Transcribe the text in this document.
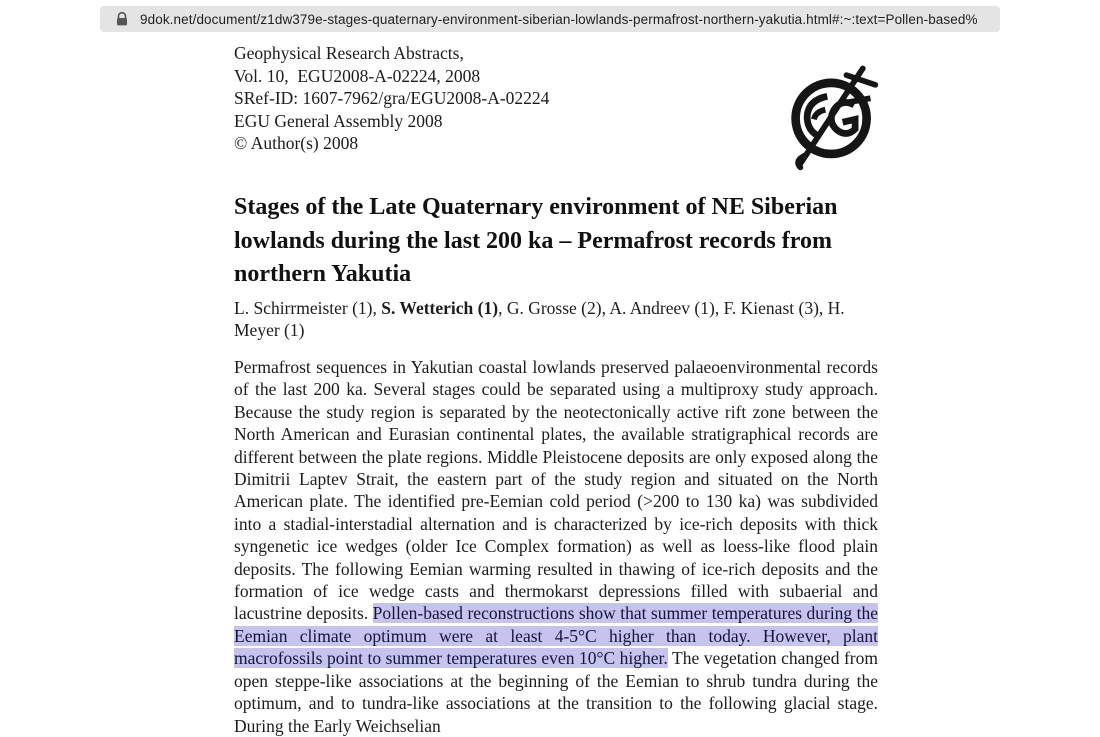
9dok.net/document/z1dw379e-stages-quaternary-environment-siberian-lowlands-permafrost-northern-yakutia.html#:~:text=Pollen-based%
Geophysical Research Abstracts,
Vol. 10,  EGU2008-A-02224, 2008
SRef-ID: 1607-7962/gra/EGU2008-A-02224
EGU General Assembly 2008
© Author(s) 2008
Stages of the Late Quaternary environment of NE Siberian lowlands during the last 200 ka – Permafrost records from northern Yakutia
L. Schirrmeister (1), S. Wetterich (1), G. Grosse (2), A. Andreev (1), F. Kienast (3), H. Meyer (1)

Permafrost sequences in Yakutian coastal lowlands preserved palaeoenvironmental records of the last 200 ka. Several stages could be separated using a multiproxy study approach. Because the study region is separated by the neotectonically active rift zone between the North American and Eurasian continental plates, the available stratigraphical records are different between the plate regions. Middle Pleistocene deposits are only exposed along the Dimitrii Laptev Strait, the eastern part of the study region and situated on the North American plate. The identified pre-Eemian cold period (>200 to 130 ka) was subdivided into a stadial-interstadial alternation and is characterized by ice-rich deposits with thick syngenetic ice wedges (older Ice Complex formation) as well as loess-like flood plain deposits. The following Eemian warming resulted in thawing of ice-rich deposits and the formation of ice wedge casts and thermokarst depressions filled with subaerial and lacustrine deposits. Pollen-based reconstructions show that summer temperatures during the Eemian climate optimum were at least 4-5°C higher than today. However, plant macrofossils point to summer temperatures even 10°C higher. The vegetation changed from open steppe-like associations at the beginning of the Eemian to shrub tundra during the optimum, and to tundra-like associations at the transition to the following glacial stage. During the Early Weichselian
